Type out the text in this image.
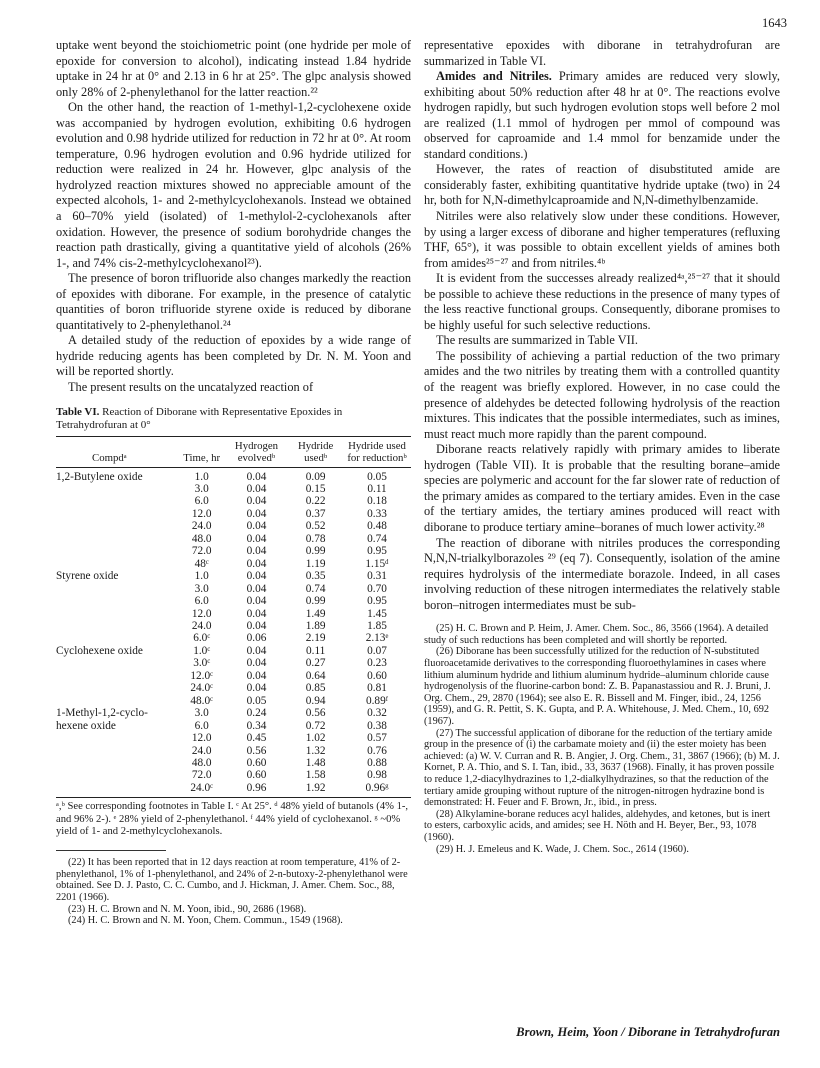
1643

uptake went beyond the stoichiometric point (one hydride per mole of epoxide for conversion to alcohol), indicating instead 1.84 hydride uptake in 24 hr at 0° and 2.13 in 6 hr at 25°. The glpc analysis showed only 28% of 2-phenylethanol for the latter reaction.²²

On the other hand, the reaction of 1-methyl-1,2-cyclohexene oxide was accompanied by hydrogen evolution, exhibiting 0.6 hydrogen evolution and 0.98 hydride utilized for reduction in 72 hr at 0°. At room temperature, 0.96 hydrogen evolution and 0.96 hydride utilized for reduction were realized in 24 hr. However, glpc analysis of the hydrolyzed reaction mixtures showed no appreciable amount of the expected alcohols, 1- and 2-methylcyclohexanols. Instead we obtained a 60–70% yield (isolated) of 1-methylol-2-cyclohexanols after oxidation. However, the presence of sodium borohydride changes the reaction path drastically, giving a quantitative yield of alcohols (26% 1-, and 74% cis-2-methylcyclohexanol²³).

The presence of boron trifluoride also changes markedly the reaction of epoxides with diborane. For example, in the presence of catalytic quantities of boron trifluoride styrene oxide is reduced by diborane quantitatively to 2-phenylethanol.²⁴

A detailed study of the reduction of epoxides by a wide range of hydride reducing agents has been completed by Dr. N. M. Yoon and will be reported shortly.

The present results on the uncatalyzed reaction of

Table VI. Reaction of Diborane with Representative Epoxides in Tetrahydrofuran at 0°

Compdᵃ	Time, hr	Hydrogen evolvedᵇ	Hydride usedᵇ	Hydride used for reductionᵇ
1,2-Butylene oxide	1.0	0.04	0.09	0.05
	3.0	0.04	0.15	0.11
	6.0	0.04	0.22	0.18
	12.0	0.04	0.37	0.33
	24.0	0.04	0.52	0.48
	48.0	0.04	0.78	0.74
	72.0	0.04	0.99	0.95
	48ᶜ	0.04	1.19	1.15ᵈ
Styrene oxide	1.0	0.04	0.35	0.31
	3.0	0.04	0.74	0.70
	6.0	0.04	0.99	0.95
	12.0	0.04	1.49	1.45
	24.0	0.04	1.89	1.85
	6.0ᶜ	0.06	2.19	2.13ᵉ
Cyclohexene oxide	1.0ᶜ	0.04	0.11	0.07
	3.0ᶜ	0.04	0.27	0.23
	12.0ᶜ	0.04	0.64	0.60
	24.0ᶜ	0.04	0.85	0.81
	48.0ᶜ	0.05	0.94	0.89ᶠ
1-Methyl-1,2-cyclo-	3.0	0.24	0.56	0.32
hexene oxide	6.0	0.34	0.72	0.38
	12.0	0.45	1.02	0.57
	24.0	0.56	1.32	0.76
	48.0	0.60	1.48	0.88
	72.0	0.60	1.58	0.98
	24.0ᶜ	0.96	1.92	0.96ᵍ
ᵃ,ᵇ See corresponding footnotes in Table I. ᶜ At 25°. ᵈ 48% yield of butanols (4% 1-, and 96% 2-). ᵉ 28% yield of 2-phenylethanol. ᶠ 44% yield of cyclohexanol. ᵍ ~0% yield of 1- and 2-methylcyclohexanols.

(22) It has been reported that in 12 days reaction at room temperature, 41% of 2-phenylethanol, 1% of 1-phenylethanol, and 24% of 2-n-butoxy-2-phenylethanol were obtained. See D. J. Pasto, C. C. Cumbo, and J. Hickman, J. Amer. Chem. Soc., 88, 2201 (1966).

(23) H. C. Brown and N. M. Yoon, ibid., 90, 2686 (1968).

(24) H. C. Brown and N. M. Yoon, Chem. Commun., 1549 (1968).

representative epoxides with diborane in tetrahydrofuran are summarized in Table VI.

Amides and Nitriles. Primary amides are reduced very slowly, exhibiting about 50% reduction after 48 hr at 0°. The reactions evolve hydrogen rapidly, but such hydrogen evolution stops well before 2 mol are realized (1.1 mmol of hydrogen per mmol of compound was observed for caproamide and 1.4 mmol for benzamide under the standard conditions.)

However, the rates of reaction of disubstituted amide are considerably faster, exhibiting quantitative hydride uptake (two) in 24 hr, both for N,N-dimethylcaproamide and N,N-dimethylbenzamide.

Nitriles were also relatively slow under these conditions. However, by using a larger excess of diborane and higher temperatures (refluxing THF, 65°), it was possible to obtain excellent yields of amines both from amides²⁵⁻²⁷ and from nitriles.⁴ᵇ

It is evident from the successes already realized⁴ᵃ,²⁵⁻²⁷ that it should be possible to achieve these reductions in the presence of many types of the less reactive functional groups. Consequently, diborane promises to be highly useful for such selective reductions.

The results are summarized in Table VII.

The possibility of achieving a partial reduction of the two primary amides and the two nitriles by treating them with a controlled quantity of the reagent was briefly explored. However, in no case could the presence of aldehydes be detected following hydrolysis of the reaction mixtures. This indicates that the possible intermediates, such as imines, must react much more rapidly than the parent compound.

Diborane reacts relatively rapidly with primary amides to liberate hydrogen (Table VII). It is probable that the resulting borane–amide species are polymeric and account for the far slower rate of reduction of the primary amides as compared to the tertiary amides. Even in the case of the tertiary amides, the tertiary amines produced will react with diborane to produce tertiary amine–boranes of much lower activity.²⁸

The reaction of diborane with nitriles produces the corresponding N,N,N-trialkylborazoles ²⁹ (eq 7). Consequently, isolation of the amine requires hydrolysis of the intermediate borazole. Indeed, in all cases involving reduction of these nitrogen intermediates the relatively stable boron–nitrogen intermediates must be sub-

(25) H. C. Brown and P. Heim, J. Amer. Chem. Soc., 86, 3566 (1964). A detailed study of such reductions has been completed and will shortly be reported.

(26) Diborane has been successfully utilized for the reduction of N-substituted fluoroacetamide derivatives to the corresponding fluoroethylamines in cases where lithium aluminum hydride and lithium aluminum hydride–aluminum chloride cause hydrogenolysis of the fluorine-carbon bond: Z. B. Papanastassiou and R. J. Bruni, J. Org. Chem., 29, 2870 (1964); see also E. R. Bissell and M. Finger, ibid., 24, 1256 (1959), and G. R. Pettit, S. K. Gupta, and P. A. Whitehouse, J. Med. Chem., 10, 692 (1967).

(27) The successful application of diborane for the reduction of the tertiary amide group in the presence of (i) the carbamate moiety and (ii) the ester moiety has been achieved: (a) W. V. Curran and R. B. Angier, J. Org. Chem., 31, 3867 (1966); (b) M. J. Kornet, P. A. Thio, and S. I. Tan, ibid., 33, 3637 (1968). Finally, it has proven possile to reduce 1,2-diacylhydrazines to 1,2-dialkylhydrazines, so that the reduction of the tertiary amide grouping without rupture of the nitrogen-nitrogen hydrazine bond is demonstrated: H. Feuer and F. Brown, Jr., ibid., in press.

(28) Alkylamine-borane reduces acyl halides, aldehydes, and ketones, but is inert to esters, carboxylic acids, and amides; see H. Nöth and H. Beyer, Ber., 93, 1078 (1960).

(29) H. J. Emeleus and K. Wade, J. Chem. Soc., 2614 (1960).

Brown, Heim, Yoon / Diborane in Tetrahydrofuran
